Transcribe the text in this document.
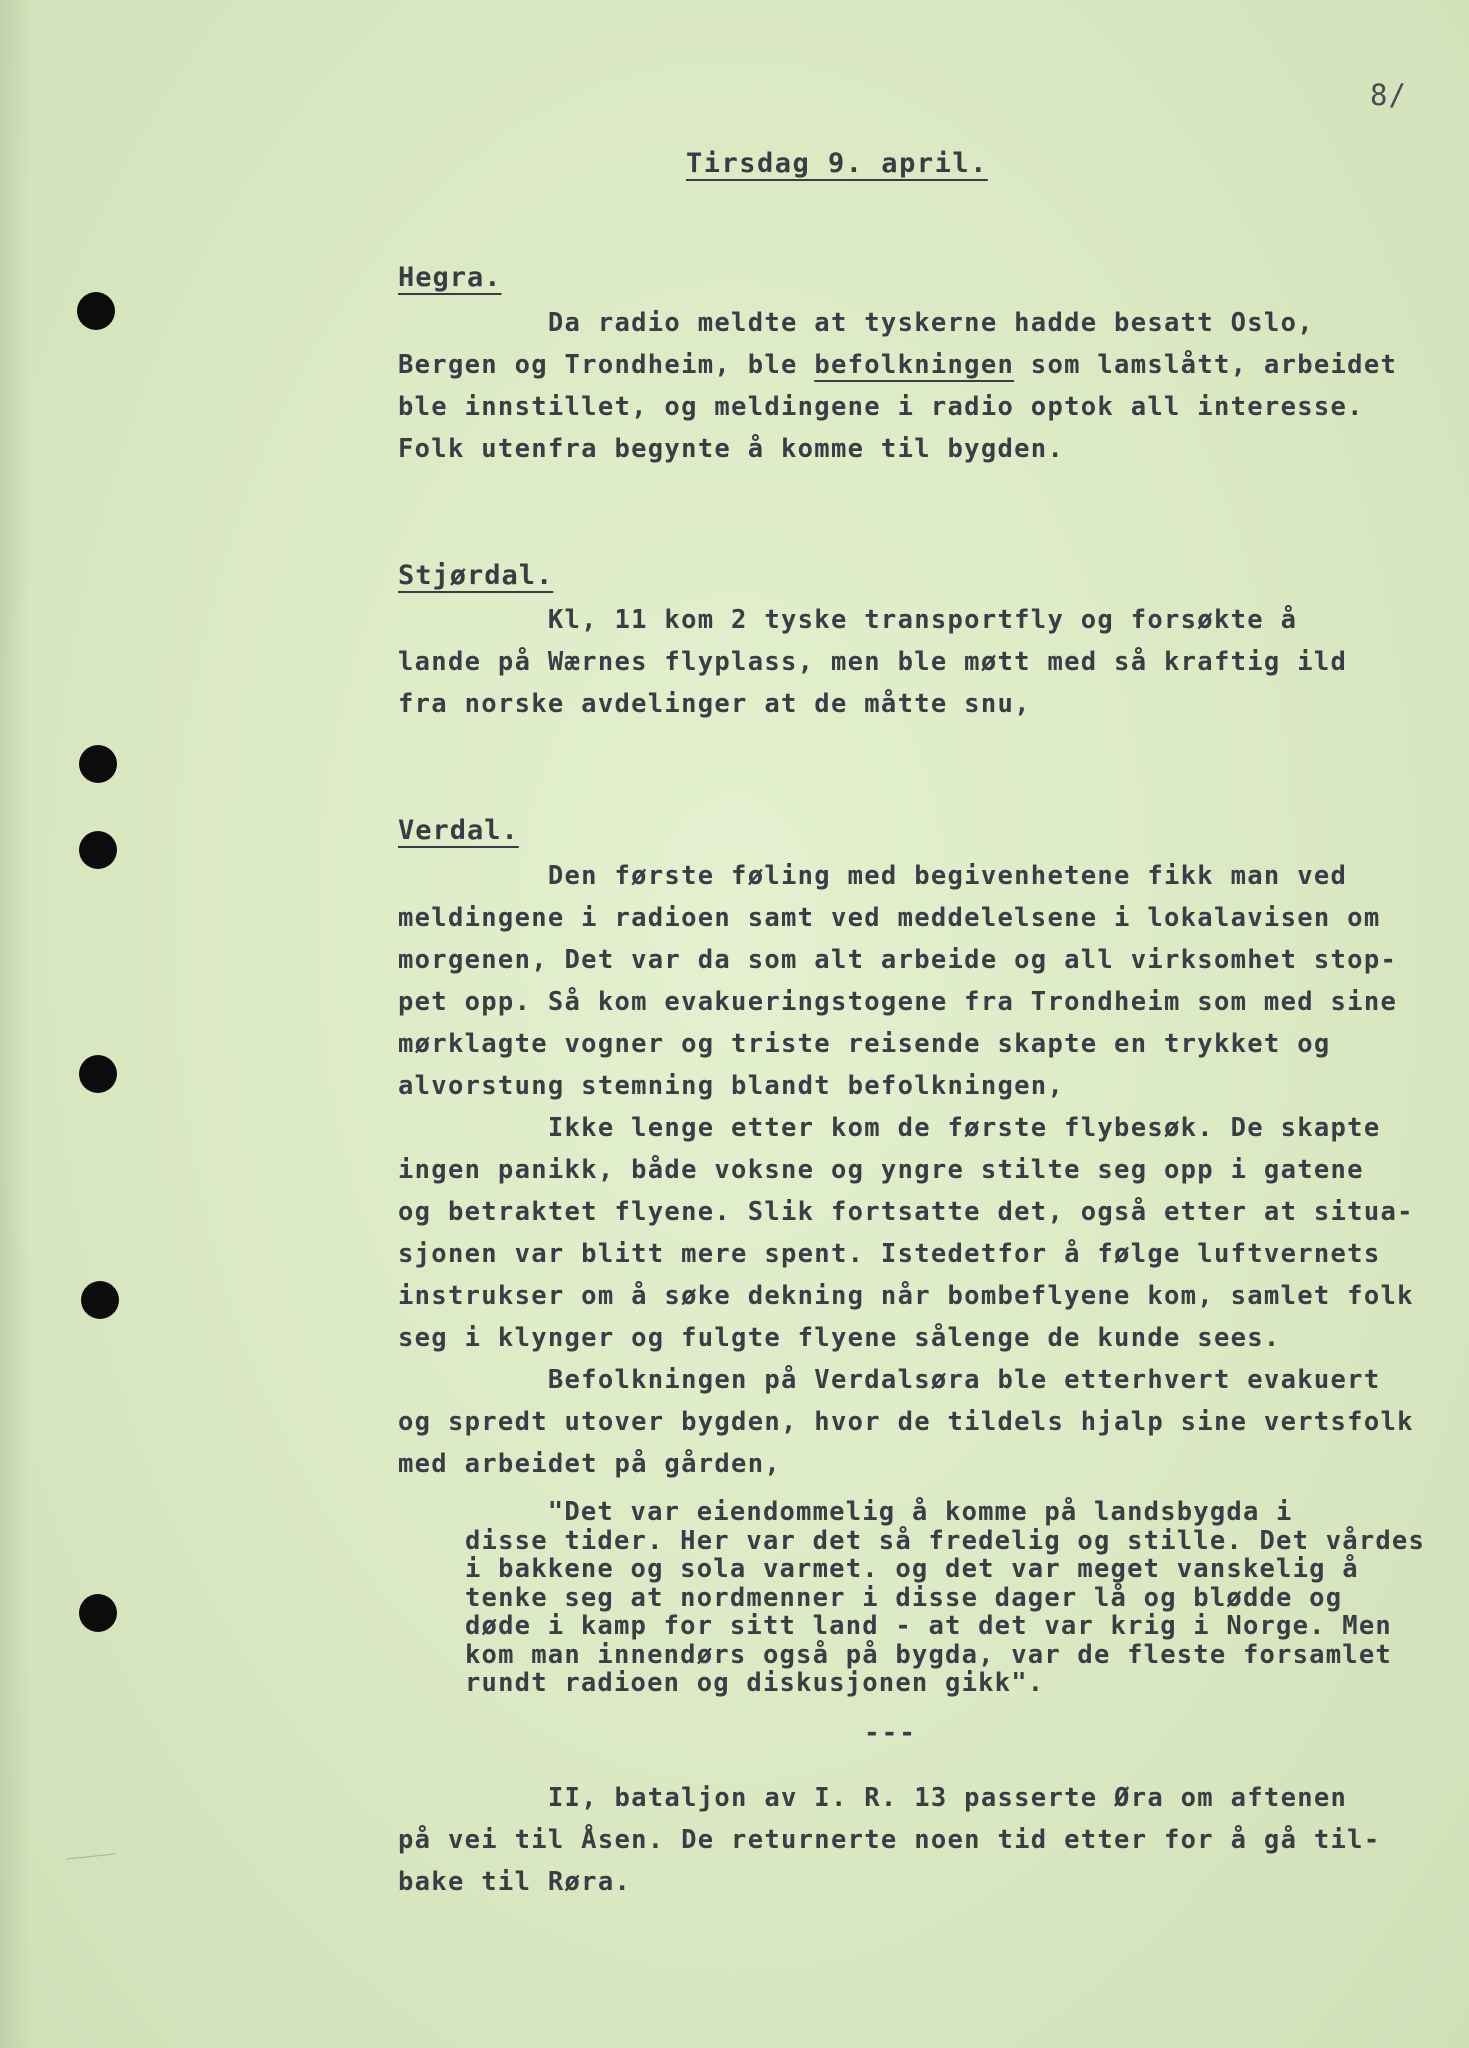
8/
Tirsdag 9. april.
Hegra.
Da radio meldte at tyskerne hadde besatt Oslo,
Bergen og Trondheim, ble befolkningen som lamslått, arbeidet
ble innstillet, og meldingene i radio optok all interesse.
Folk utenfra begynte å komme til bygden.
Stjørdal.
Kl, 11 kom 2 tyske transportfly og forsøkte å
lande på Wærnes flyplass, men ble møtt med så kraftig ild
fra norske avdelinger at de måtte snu,
Verdal.
Den første føling med begivenhetene fikk man ved
meldingene i radioen samt ved meddelelsene i lokalavisen om
morgenen, Det var da som alt arbeide og all virksomhet stop-
pet opp. Så kom evakueringstogene fra Trondheim som med sine
mørklagte vogner og triste reisende skapte en trykket og
alvorstung stemning blandt befolkningen,
Ikke lenge etter kom de første flybesøk. De skapte
ingen panikk, både voksne og yngre stilte seg opp i gatene
og betraktet flyene. Slik fortsatte det, også etter at situa-
sjonen var blitt mere spent. Istedetfor å følge luftvernets
instrukser om å søke dekning når bombeflyene kom, samlet folk
seg i klynger og fulgte flyene sålenge de kunde sees.
Befolkningen på Verdalsøra ble etterhvert evakuert
og spredt utover bygden, hvor de tildels hjalp sine vertsfolk
med arbeidet på gården,
"Det var eiendommelig å komme på landsbygda i
disse tider. Her var det så fredelig og stille. Det vårdes
i bakkene og sola varmet. og det var meget vanskelig å
tenke seg at nordmenner i disse dager lå og blødde og
døde i kamp for sitt land - at det var krig i Norge. Men
kom man innendørs også på bygda, var de fleste forsamlet
rundt radioen og diskusjonen gikk".
---
II, bataljon av I. R. 13 passerte Øra om aftenen
på vei til Åsen. De returnerte noen tid etter for å gå til-
bake til Røra.
